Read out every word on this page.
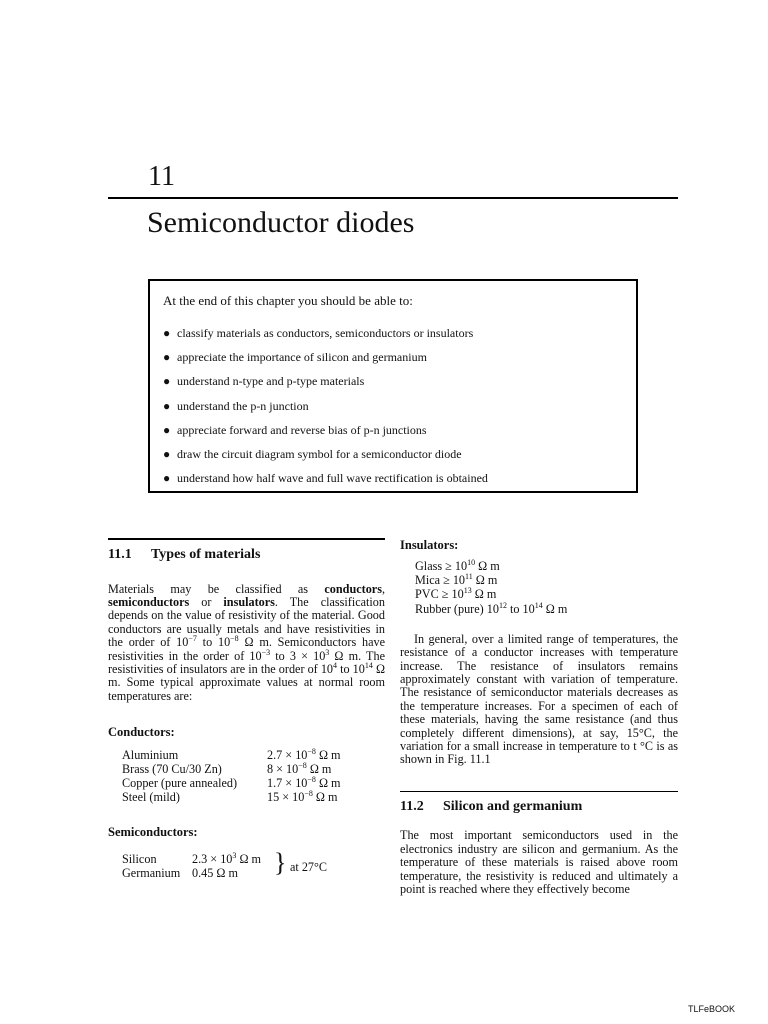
11
Semiconductor diodes
At the end of this chapter you should be able to:
● classify materials as conductors, semiconductors or insulators
● appreciate the importance of silicon and germanium
● understand n-type and p-type materials
● understand the p-n junction
● appreciate forward and reverse bias of p-n junctions
● draw the circuit diagram symbol for a semiconductor diode
● understand how half wave and full wave rectification is obtained
11.1 Types of materials
Materials may be classified as conductors, semiconductors or insulators. The classification depends on the value of resistivity of the material. Good conductors are usually metals and have resistivities in the order of $10^{-7}$ to $10^{-8}$ Ω m. Semiconductors have resistivities in the order of $10^{-3}$ to $3 \times 10^3$ Ω m. The resistivities of insulators are in the order of $10^4$ to $10^{14}$ Ω m. Some typical approximate values at normal room temperatures are:
Conductors:
Aluminium	$2.7 \times 10^{-8}$ Ω m
Brass (70 Cu/30 Zn)	$8 \times 10^{-8}$ Ω m
Copper (pure annealed)	$1.7 \times 10^{-8}$ Ω m
Steel (mild)	$15 \times 10^{-8}$ Ω m
Semiconductors:
Silicon	$2.3 \times 10^3$ Ω m
Germanium 0.45 Ω m } at 27°C
Insulators:
Glass ≥ $10^{10}$ Ω m
Mica ≥ $10^{11}$ Ω m
PVC ≥ $10^{13}$ Ω m
Rubber (pure) $10^{12}$ to $10^{14}$ Ω m
In general, over a limited range of temperatures, the resistance of a conductor increases with temperature increase. The resistance of insulators remains approximately constant with variation of temperature. The resistance of semiconductor materials decreases as the temperature increases. For a specimen of each of these materials, having the same resistance (and thus completely different dimensions), at say, 15°C, the variation for a small increase in temperature to t °C is as shown in Fig. 11.1
11.2 Silicon and germanium
The most important semiconductors used in the electronics industry are silicon and germanium. As the temperature of these materials is raised above room temperature, the resistivity is reduced and ultimately a point is reached where they effectively become
TLFeBOOK
